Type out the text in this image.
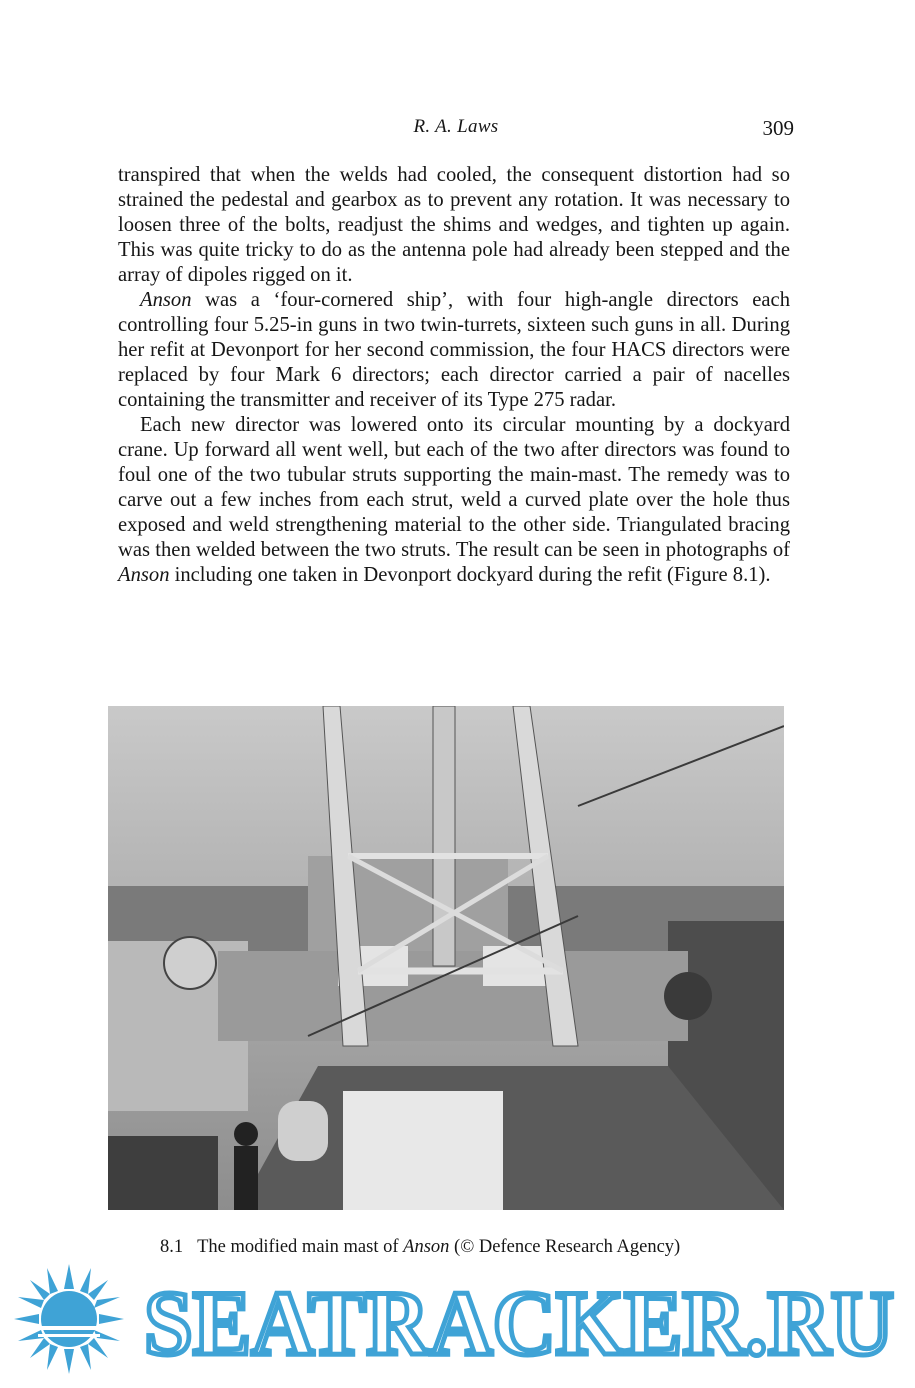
R. A. Laws	309

transpired that when the welds had cooled, the consequent distortion had so strained the pedestal and gearbox as to prevent any rotation. It was necessary to loosen three of the bolts, readjust the shims and wedges, and tighten up again. This was quite tricky to do as the antenna pole had already been stepped and the array of dipoles rigged on it.

Anson was a ‘four-cornered ship’, with four high-angle directors each controlling four 5.25-in guns in two twin-turrets, sixteen such guns in all. During her refit at Devonport for her second commission, the four HACS directors were replaced by four Mark 6 directors; each director carried a pair of nacelles containing the transmitter and receiver of its Type 275 radar.

Each new director was lowered onto its circular mounting by a dockyard crane. Up forward all went well, but each of the two after directors was found to foul one of the two tubular struts supporting the main-mast. The remedy was to carve out a few inches from each strut, weld a curved plate over the hole thus exposed and weld strengthening material to the other side. Triangulated bracing was then welded between the two struts. The result can be seen in photographs of Anson including one taken in Devonport dockyard during the refit (Figure 8.1).

8.1 The modified main mast of Anson (© Defence Research Agency)
SEATRACKER.RU
